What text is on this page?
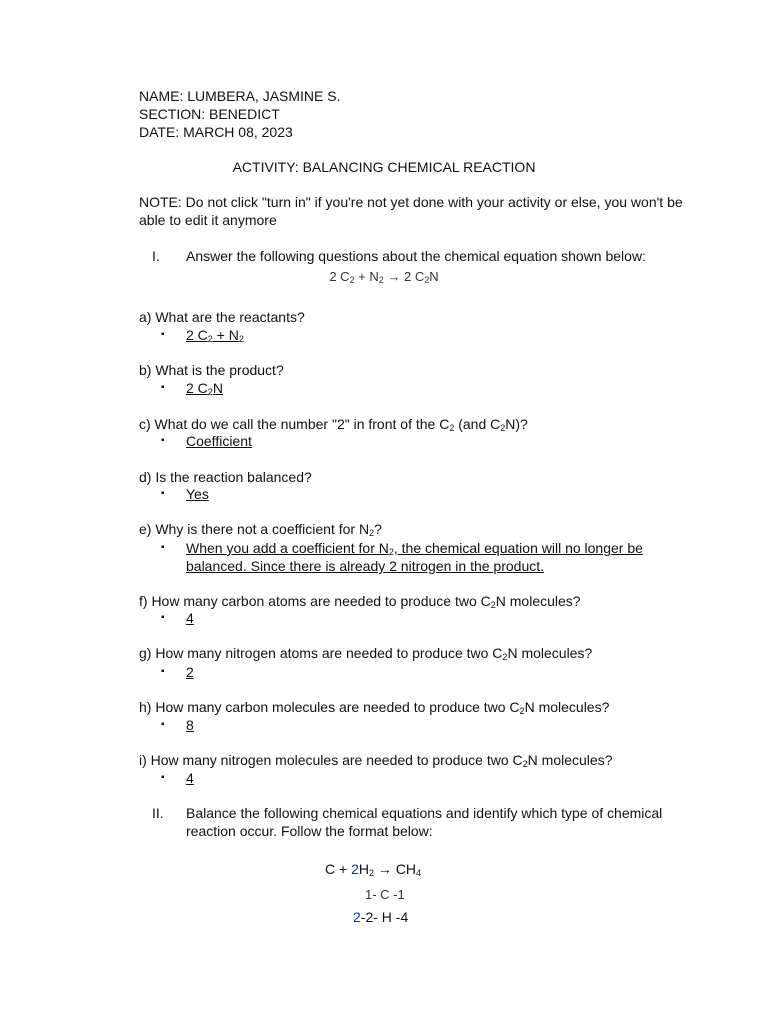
NAME: LUMBERA, JASMINE S.
SECTION: BENEDICT
DATE: MARCH 08, 2023
ACTIVITY: BALANCING CHEMICAL REACTION
NOTE: Do not click "turn in" if you're not yet done with your activity or else, you won't be able to edit it anymore
I. Answer the following questions about the chemical equation shown below:
2 $C_2 + N_2 \to 2$ $C_2N$
a) What are the reactants?
▪ 2 $C_2 + N_2$
b) What is the product?
▪ 2 $C_2N$
c) What do we call the number "2" in front of the $C_2$ (and $C_2N$)?
▪ Coefficient
d) Is the reaction balanced?
▪ Yes
e) Why is there not a coefficient for $N_2$?
▪ When you add a coefficient for $N_2$, the chemical equation will no longer be balanced. Since there is already 2 nitrogen in the product.
f) How many carbon atoms are needed to produce two $C_2N$ molecules?
▪ 4
g) How many nitrogen atoms are needed to produce two $C_2N$ molecules?
▪ 2
h) How many carbon molecules are needed to produce two $C_2N$ molecules?
▪ 8
i) How many nitrogen molecules are needed to produce two $C_2N$ molecules?
▪ 4
II. Balance the following chemical equations and identify which type of chemical reaction occur. Follow the format below:
$C + 2H_2 \to CH_4$
1- C -1
2-2- H -4
